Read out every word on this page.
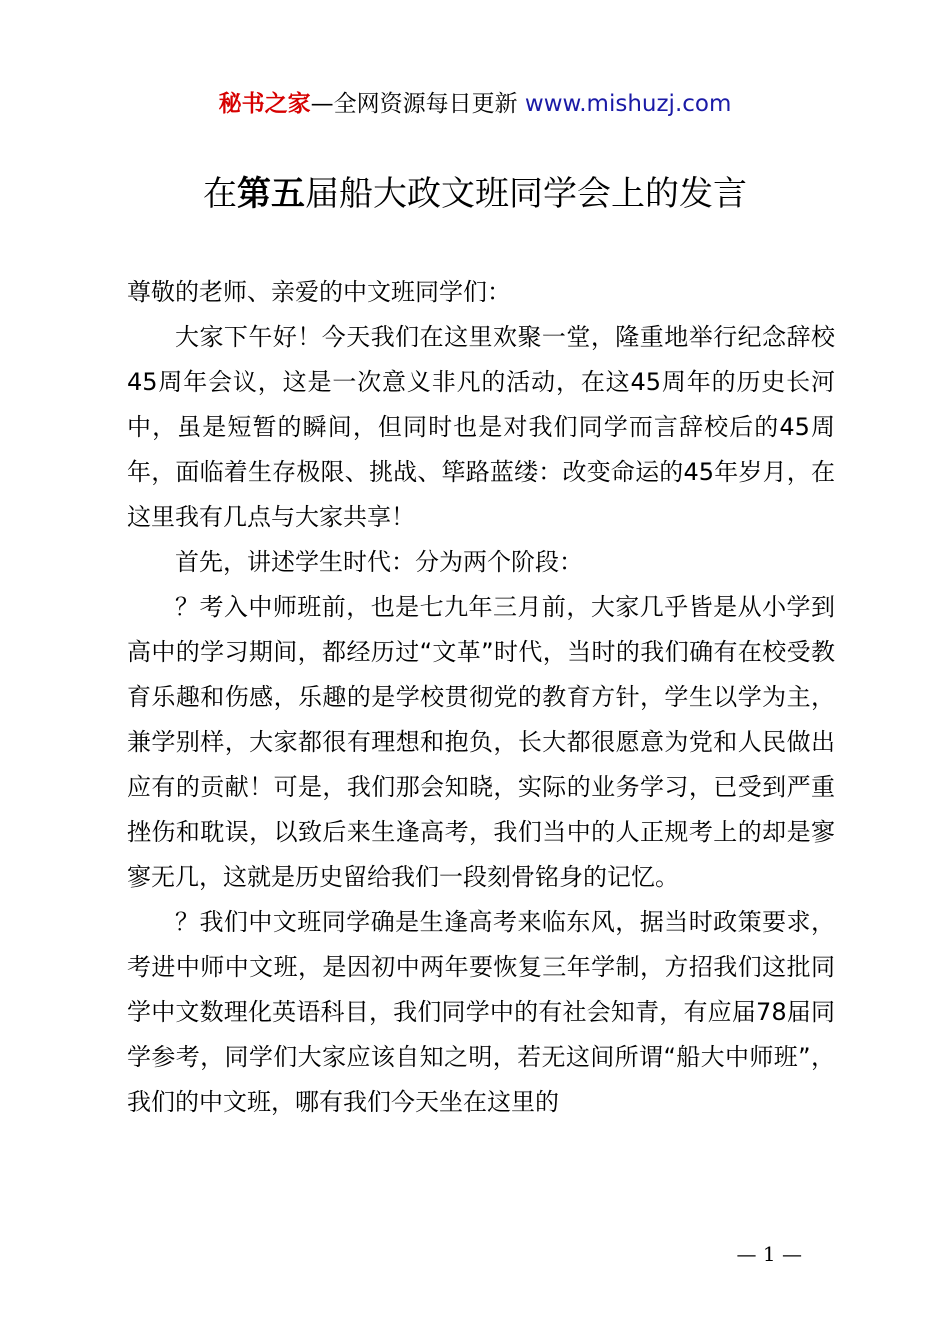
秘书之家—全网资源每日更新 www.mishuzj.com
在第五届船大政文班同学会上的发言

尊敬的老师、亲爱的中文班同学们：

大家下午好！今天我们在这里欢聚一堂，隆重地举行纪念辞校45周年会议，这是一次意义非凡的活动，在这45周年的历史长河中，虽是短暂的瞬间，但同时也是对我们同学而言辞校后的45周年，面临着生存极限、挑战、筚路蓝缕：改变命运的45年岁月，在这里我有几点与大家共享！

首先，讲述学生时代：分为两个阶段：

？考入中师班前，也是七九年三月前，大家几乎皆是从小学到高中的学习期间，都经历过“文革”时代，当时的我们确有在校受教育乐趣和伤感，乐趣的是学校贯彻党的教育方针，学生以学为主，兼学别样，大家都很有理想和抱负，长大都很愿意为党和人民做出应有的贡献！可是，我们那会知晓，实际的业务学习，已受到严重挫伤和耽误，以致后来生逢高考，我们当中的人正规考上的却是寥寥无几，这就是历史留给我们一段刻骨铭身的记忆。

？我们中文班同学确是生逢高考来临东风，据当时政策要求，考进中师中文班，是因初中两年要恢复三年学制，方招我们这批同学中文数理化英语科目，我们同学中的有社会知青，有应届78届同学参考，同学们大家应该自知之明，若无这间所谓“船大中师班”，我们的中文班，哪有我们今天坐在这里的

— 1 —
